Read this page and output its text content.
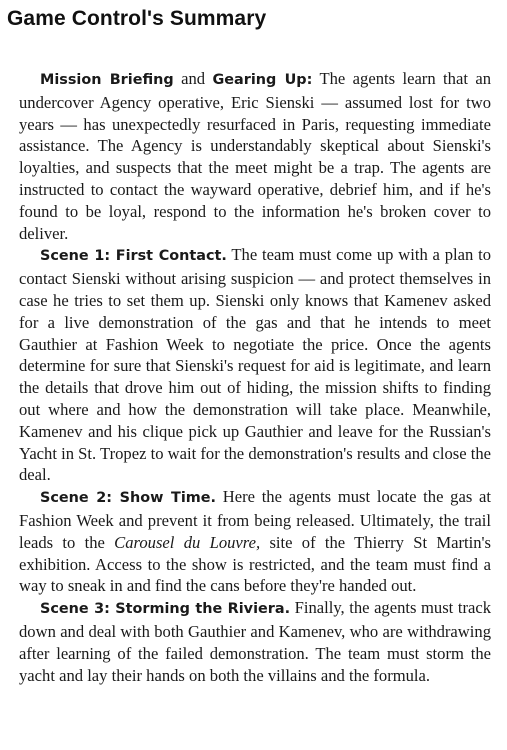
Game Control's Summary

Mission Briefing and Gearing Up: The agents learn that an undercover Agency operative, Eric Sienski — assumed lost for two years — has unexpectedly resurfaced in Paris, requesting immediate assistance. The Agency is understandably skeptical about Sienski's loyalties, and suspects that the meet might be a trap. The agents are instructed to contact the wayward operative, debrief him, and if he's found to be loyal, respond to the information he's broken cover to deliver.

Scene 1: First Contact. The team must come up with a plan to contact Sienski without arising suspicion — and protect themselves in case he tries to set them up. Sienski only knows that Kamenev asked for a live demonstration of the gas and that he intends to meet Gauthier at Fashion Week to negotiate the price. Once the agents determine for sure that Sienski's request for aid is legitimate, and learn the details that drove him out of hiding, the mission shifts to finding out where and how the demonstration will take place. Meanwhile, Kamenev and his clique pick up Gauthier and leave for the Russian's Yacht in St. Tropez to wait for the demonstration's results and close the deal.

Scene 2: Show Time. Here the agents must locate the gas at Fashion Week and prevent it from being released. Ultimately, the trail leads to the Carousel du Louvre, site of the Thierry St Martin's exhibition. Access to the show is restricted, and the team must find a way to sneak in and find the cans before they're handed out.

Scene 3: Storming the Riviera. Finally, the agents must track down and deal with both Gauthier and Kamenev, who are withdrawing after learning of the failed demonstration. The team must storm the yacht and lay their hands on both the villains and the formula.
